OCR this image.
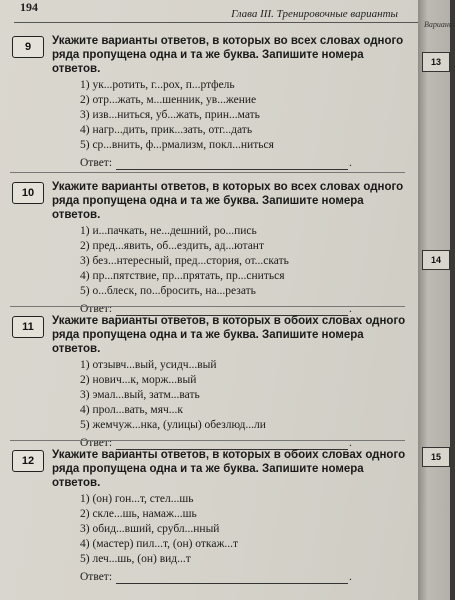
194	Глава III. Тренировочные варианты
9	Укажите варианты ответов, в которых во всех словах одного ряда пропущена одна и та же буква. Запишите номера ответов.

1) ук...ротить, г...рох, п...ртфель
2) отр...жать, м...шенник, ув...жение
3) изв...ниться, уб...жать, прин...мать
4) нагр...дить, прик...зать, отг...дать
5) ср...внить, ф...рмализм, покл...ниться
Ответ:	.
10	Укажите варианты ответов, в которых во всех словах одного ряда пропущена одна и та же буква. Запишите номера ответов.

1) и...пачкать, не...дешний, ро...пись
2) пред...явить, об...ездить, ад...ютант
3) без...нтересный, пред...стория, от...скать
4) пр...пятствие, пр...прятать, пр...сниться
5) о...блеск, по...бросить, на...резать
Ответ:	.
11	Укажите варианты ответов, в которых в обоих словах одного ряда пропущена одна и та же буква. Запишите номера ответов.

1) отзывч...вый, усидч...вый
2) нович...к, морж...вый
3) эмал...вый, затм...вать
4) прол...вать, мяч...к
5) жемчуж...нка, (улицы) обезлюд...ли
Ответ:	.
12	Укажите варианты ответов, в которых в обоих словах одного ряда пропущена одна и та же буква. Запишите номера ответов.

1) (он) гон...т, стел...шь
2) скле...шь, намаж...шь
3) обид...вший, срубл...нный
4) (мастер) пил...т, (он) откаж...т
5) леч...шь, (он) вид...т
Ответ:	.
Вариант
13
14
15
